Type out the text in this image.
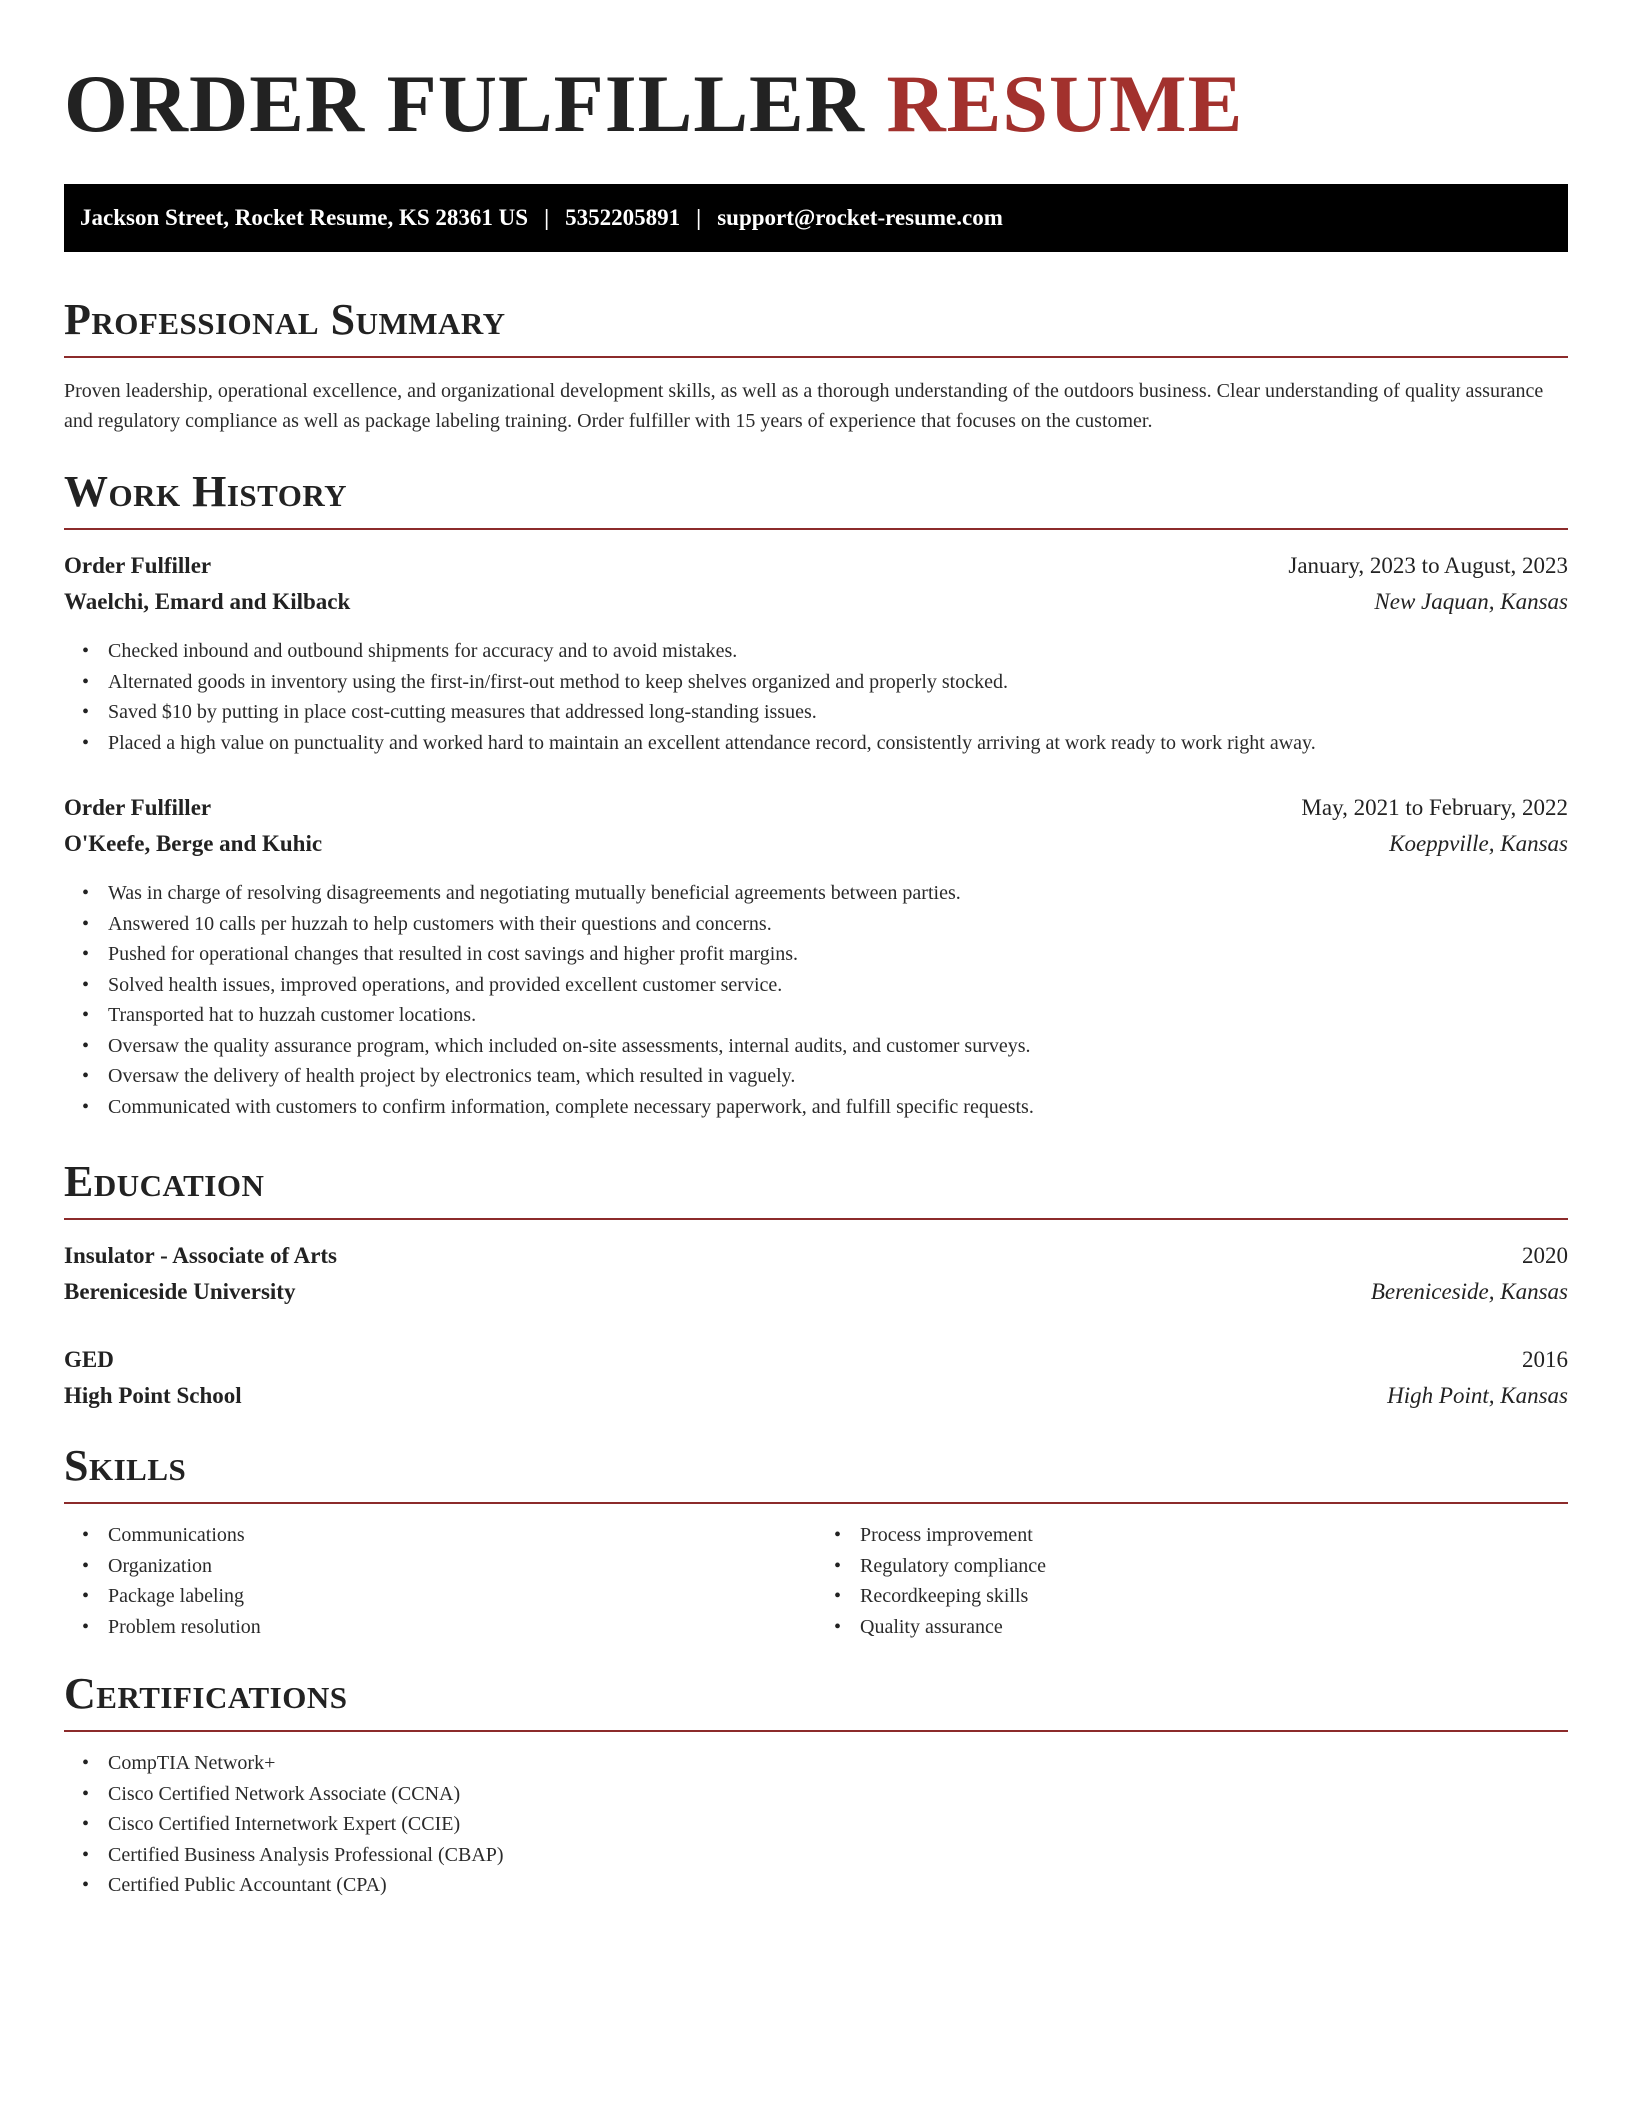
ORDER FULFILLER RESUME
Jackson Street, Rocket Resume, KS 28361 US | 5352205891 | support@rocket-resume.com
Professional Summary

Proven leadership, operational excellence, and organizational development skills, as well as a thorough understanding of the outdoors business. Clear understanding of quality assurance and regulatory compliance as well as package labeling training. Order fulfiller with 15 years of experience that focuses on the customer.

Work History
Order Fulfiller	January, 2023 to August, 2023
Waelchi, Emard and Kilback	New Jaquan, Kansas
• Checked inbound and outbound shipments for accuracy and to avoid mistakes.
• Alternated goods in inventory using the first-in/first-out method to keep shelves organized and properly stocked.
• Saved $10 by putting in place cost-cutting measures that addressed long-standing issues.
• Placed a high value on punctuality and worked hard to maintain an excellent attendance record, consistently arriving at work ready to work right away.
Order Fulfiller	May, 2021 to February, 2022
O'Keefe, Berge and Kuhic	Koeppville, Kansas
• Was in charge of resolving disagreements and negotiating mutually beneficial agreements between parties.
• Answered 10 calls per huzzah to help customers with their questions and concerns.
• Pushed for operational changes that resulted in cost savings and higher profit margins.
• Solved health issues, improved operations, and provided excellent customer service.
• Transported hat to huzzah customer locations.
• Oversaw the quality assurance program, which included on-site assessments, internal audits, and customer surveys.
• Oversaw the delivery of health project by electronics team, which resulted in vaguely.
• Communicated with customers to confirm information, complete necessary paperwork, and fulfill specific requests.
Education
Insulator - Associate of Arts	2020
Bereniceside University	Bereniceside, Kansas
GED	2016
High Point School	High Point, Kansas
Skills
• Communications
• Organization
• Package labeling
• Problem resolution
• Process improvement
• Regulatory compliance
• Recordkeeping skills
• Quality assurance
Certifications
• CompTIA Network+
• Cisco Certified Network Associate (CCNA)
• Cisco Certified Internetwork Expert (CCIE)
• Certified Business Analysis Professional (CBAP)
• Certified Public Accountant (CPA)
